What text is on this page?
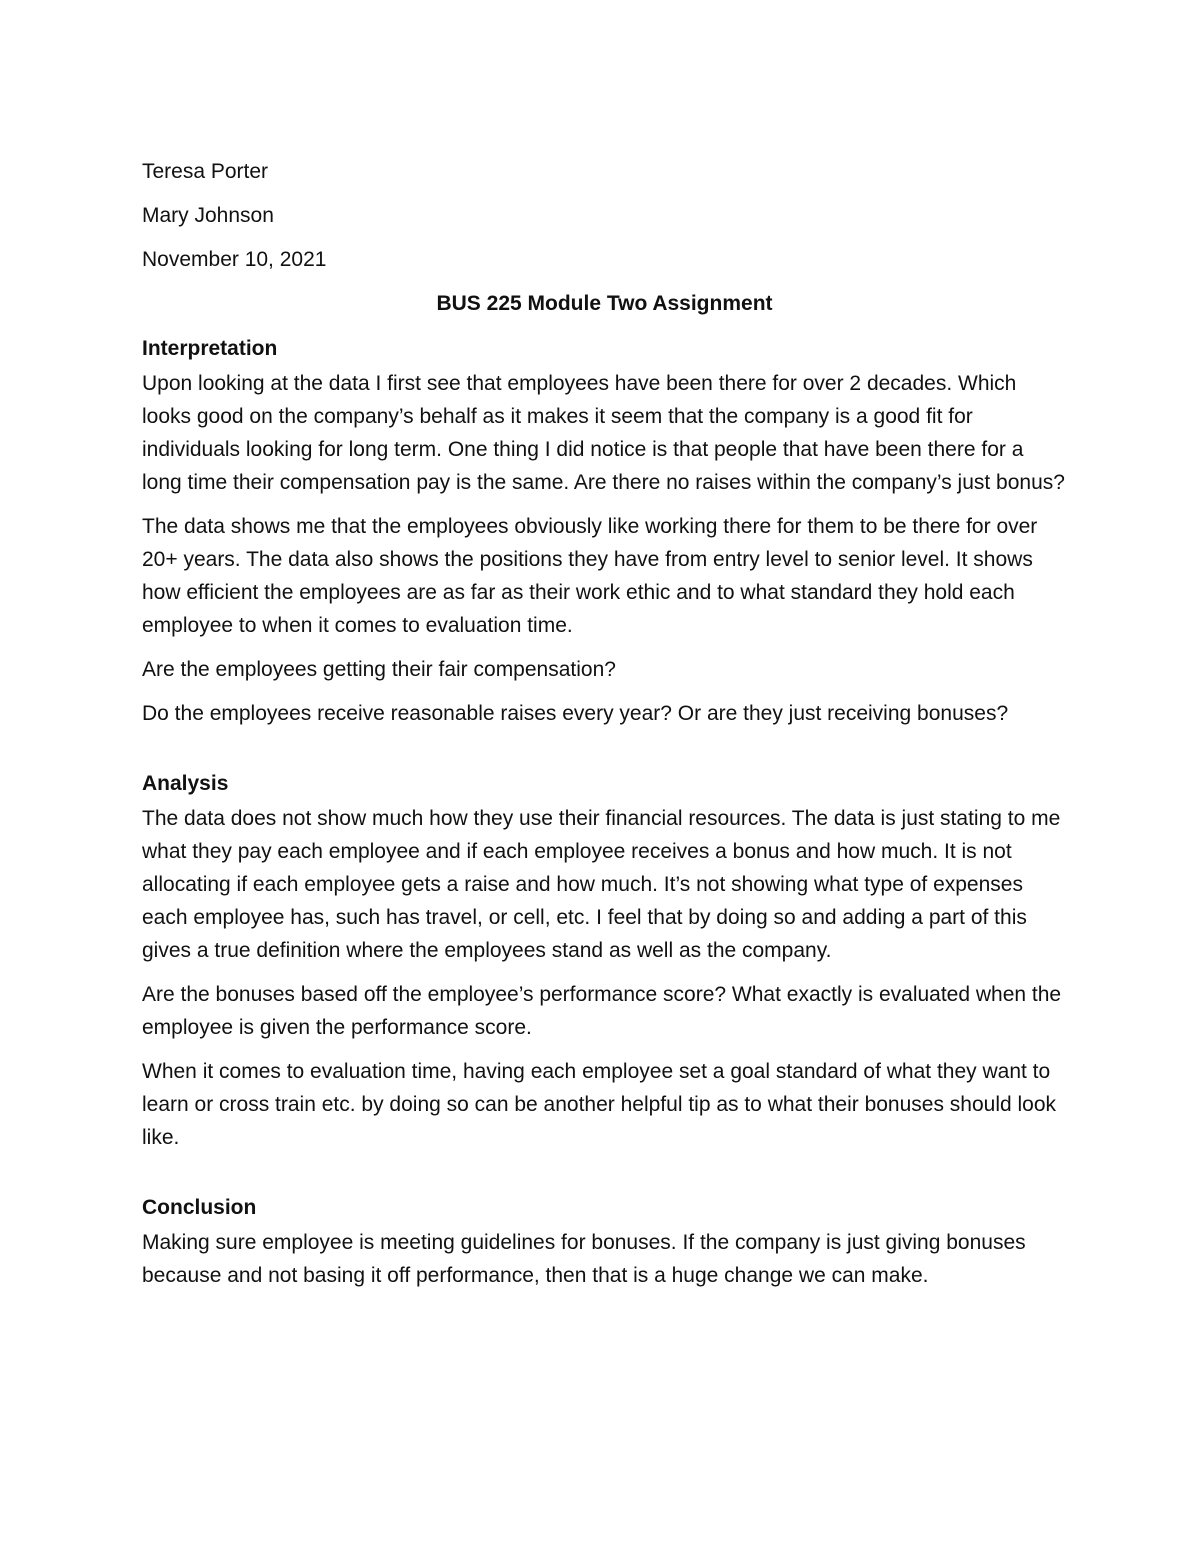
Teresa Porter
Mary Johnson
November 10, 2021
BUS 225 Module Two Assignment
Interpretation

Upon looking at the data I first see that employees have been there for over 2 decades. Which looks good on the company’s behalf as it makes it seem that the company is a good fit for individuals looking for long term. One thing I did notice is that people that have been there for a long time their compensation pay is the same. Are there no raises within the company’s just bonus?

The data shows me that the employees obviously like working there for them to be there for over 20+ years. The data also shows the positions they have from entry level to senior level. It shows how efficient the employees are as far as their work ethic and to what standard they hold each employee to when it comes to evaluation time.

Are the employees getting their fair compensation?

Do the employees receive reasonable raises every year? Or are they just receiving bonuses?

Analysis

The data does not show much how they use their financial resources. The data is just stating to me what they pay each employee and if each employee receives a bonus and how much. It is not allocating if each employee gets a raise and how much. It’s not showing what type of expenses each employee has, such has travel, or cell, etc. I feel that by doing so and adding a part of this gives a true definition where the employees stand as well as the company.

Are the bonuses based off the employee’s performance score? What exactly is evaluated when the employee is given the performance score.

When it comes to evaluation time, having each employee set a goal standard of what they want to learn or cross train etc. by doing so can be another helpful tip as to what their bonuses should look like.

Conclusion

Making sure employee is meeting guidelines for bonuses. If the company is just giving bonuses because and not basing it off performance, then that is a huge change we can make.
